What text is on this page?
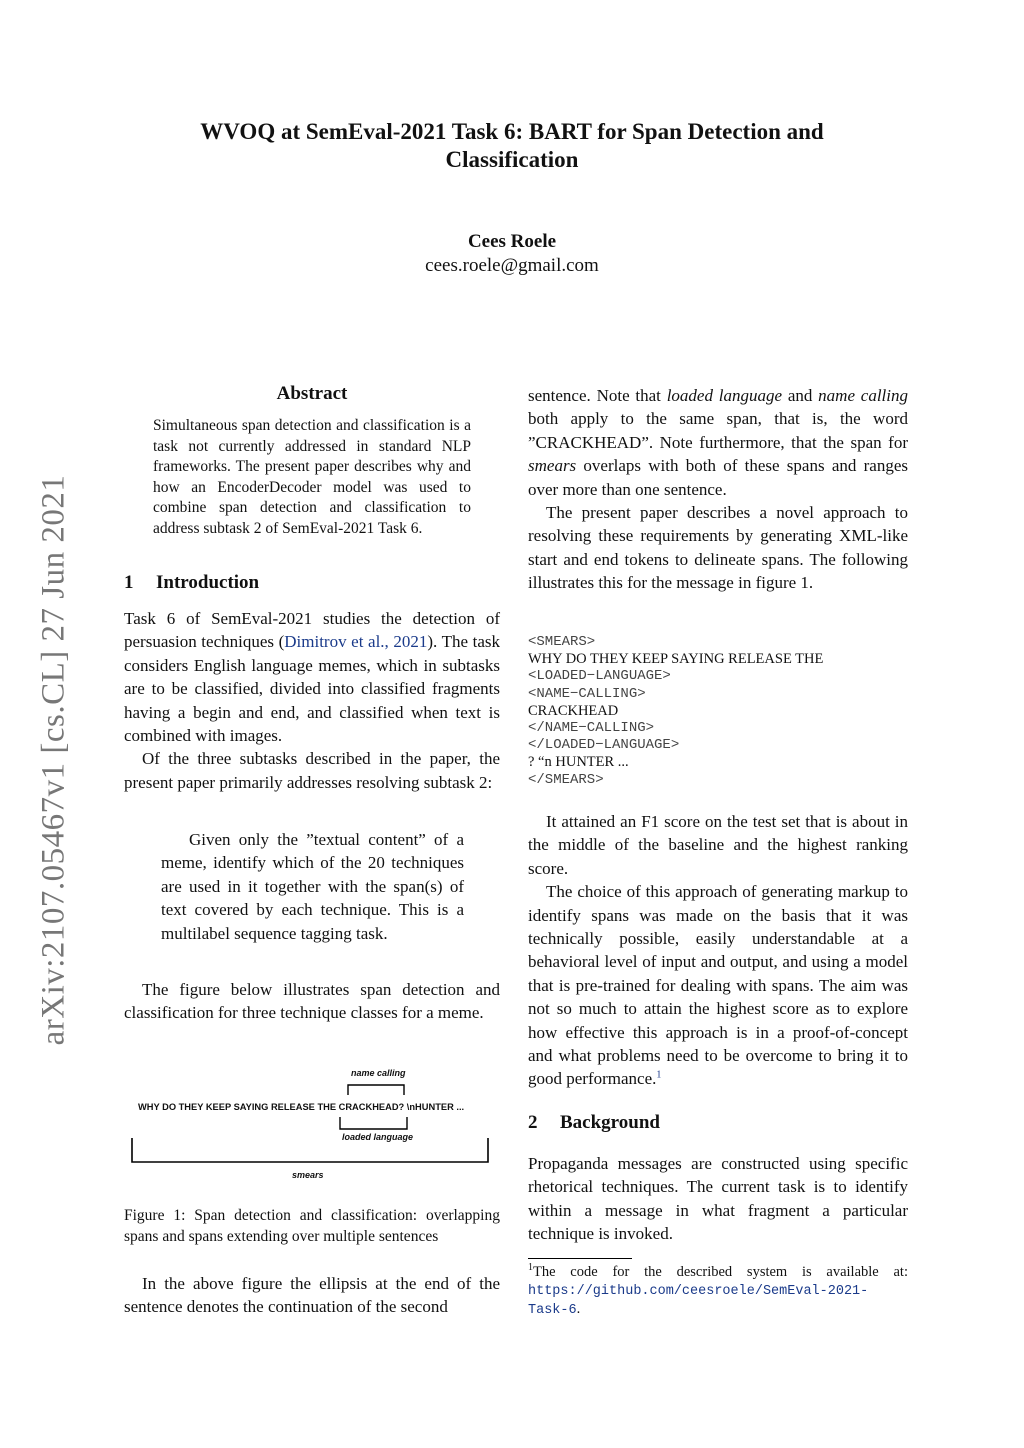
arXiv:2107.05467v1 [cs.CL] 27 Jun 2021
WVOQ at SemEval-2021 Task 6: BART for Span Detection and
Classification
Cees Roele
cees.roele@gmail.com
Abstract
Simultaneous span detection and classification is a task not currently addressed in standard NLP frameworks. The present paper describes why and how an EncoderDecoder model was used to combine span detection and classification to address subtask 2 of SemEval-2021 Task 6.
1 Introduction

Task 6 of SemEval-2021 studies the detection of persuasion techniques (Dimitrov et al., 2021). The task considers English language memes, which in subtasks are to be classified, divided into classified fragments having a begin and end, and classified when text is combined with images.

Of the three subtasks described in the paper, the present paper primarily addresses resolving subtask 2:

Given only the ”textual content” of a meme, identify which of the 20 techniques are used in it together with the span(s) of text covered by each technique. This is a multilabel sequence tagging task.

The figure below illustrates span detection and classification for three technique classes for a meme.

name calling
WHY DO THEY KEEP SAYING RELEASE THE CRACKHEAD? \nHUNTER ...
loaded language
smears
Figure 1: Span detection and classification: overlapping spans and spans extending over multiple sentences

In the above figure the ellipsis at the end of the sentence denotes the continuation of the second

sentence. Note that loaded language and name calling both apply to the same span, that is, the word ”CRACKHEAD”. Note furthermore, that the span for smears overlaps with both of these spans and ranges over more than one sentence.

The present paper describes a novel approach to resolving these requirements by generating XML-like start and end tokens to delineate spans. The following illustrates this for the message in figure 1.

<SMEARS>
WHY DO THEY KEEP SAYING RELEASE THE
<LOADED−LANGUAGE>
<NAME−CALLING>
CRACKHEAD
</NAME−CALLING>
</LOADED−LANGUAGE>
? “n HUNTER ...
</SMEARS>

It attained an F1 score on the test set that is about in the middle of the baseline and the highest ranking score.

The choice of this approach of generating markup to identify spans was made on the basis that it was technically possible, easily understandable at a behavioral level of input and output, and using a model that is pre-trained for dealing with spans. The aim was not so much to attain the highest score as to explore how effective this approach is in a proof-of-concept and what problems need to be overcome to bring it to good performance.$^1$

2 Background

Propaganda messages are constructed using specific rhetorical techniques. The current task is to identify within a message in what fragment a particular technique is invoked.

$^1$The code for the described system is available at: https://github.com/ceesroele/SemEval-2021-Task-6.
